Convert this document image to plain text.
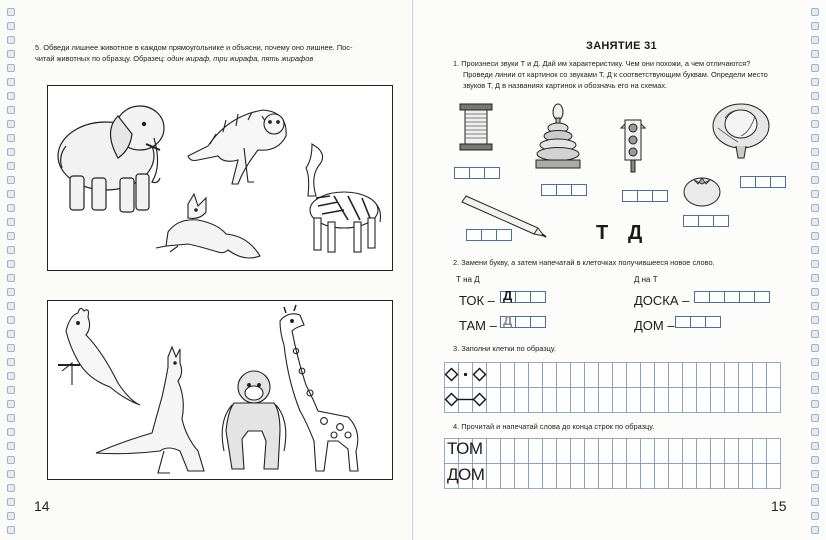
5. Обведи лишнее животное в каждом прямоугольнике и объясни, почему оно лишнее. Пос-
читай животных по образцу. Образец: один жираф, три жирафа, пять жирафов
14
ЗАНЯТИЕ 31
1. Произнеси звуки Т и Д. Дай им характеристику. Чем они похожи, а чем отличаются?
Проведи линии от картинок со звуками Т, Д к соответствующим буквам. Определи место
звуков Т, Д в названиях картинок и обозначь его на схемах.
Т Д
2. Замени букву, а затем напечатай в клеточках получившееся новое слово.
Т на Д	Д на Т
ТОК – Д
ТАМ – Д
ДОСКА –
ДОМ –
3. Заполни клетки по образцу.
4. Прочитай и напечатай слова до конца строк по образцу.
ТОМ
ДОМ
15
